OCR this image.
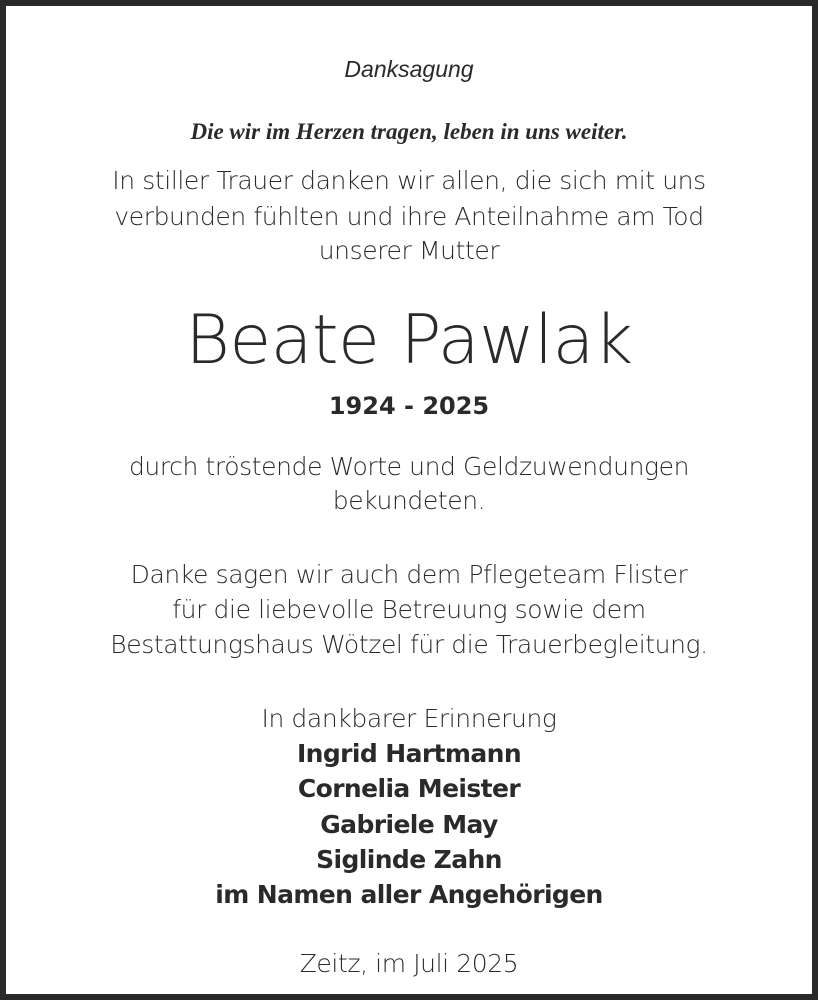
Danksagung
Die wir im Herzen tragen, leben in uns weiter.
In stiller Trauer danken wir allen, die sich mit uns
verbunden fühlten und ihre Anteilnahme am Tod
unserer Mutter
Beate Pawlak
1924 - 2025
durch tröstende Worte und Geldzuwendungen
bekundeten.
Danke sagen wir auch dem Pflegeteam Flister
für die liebevolle Betreuung sowie dem
Bestattungshaus Wötzel für die Trauerbegleitung.
In dankbarer Erinnerung
Ingrid Hartmann
Cornelia Meister
Gabriele May
Siglinde Zahn
im Namen aller Angehörigen
Zeitz, im Juli 2025
